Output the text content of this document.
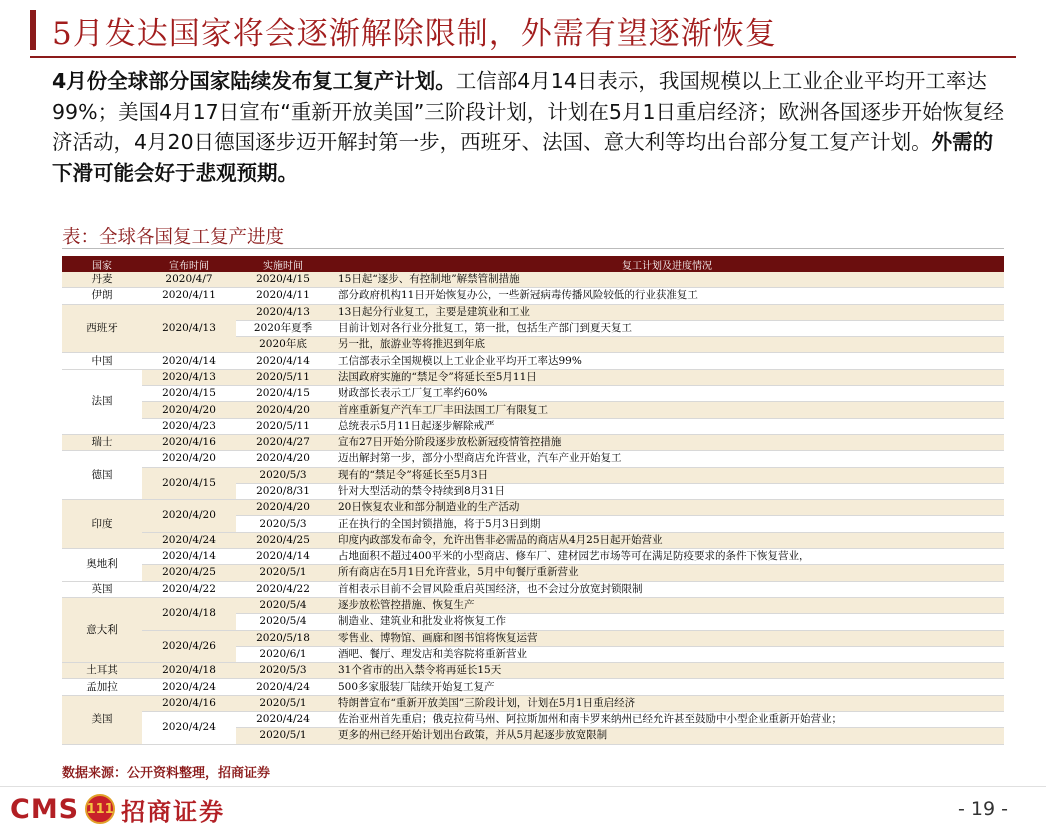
5月发达国家将会逐渐解除限制，外需有望逐渐恢复
4月份全球部分国家陆续发布复工复产计划。工信部4月14日表示，我国规模以上工业企业平均开工率达99%；美国4月17日宣布“重新开放美国”三阶段计划，计划在5月1日重启经济；欧洲各国逐步开始恢复经济活动，4月20日德国逐步迈开解封第一步，西班牙、法国、意大利等均出台部分复工复产计划。外需的下滑可能会好于悲观预期。
表：全球各国复工复产进度
国家	宣布时间	实施时间	复工计划及进度情况
丹麦	2020/4/7	2020/4/15	15日起“逐步、有控制地”解禁管制措施
伊朗	2020/4/11	2020/4/11	部分政府机构11日开始恢复办公，一些新冠病毒传播风险较低的行业获准复工
西班牙	2020/4/13	2020/4/13	13日起分行业复工，主要是建筑业和工业
		2020年夏季	目前计划对各行业分批复工，第一批，包括生产部门到夏天复工
		2020年底	另一批，旅游业等将推迟到年底
中国	2020/4/14	2020/4/14	工信部表示全国规模以上工业企业平均开工率达99%
法国	2020/4/13	2020/5/11	法国政府实施的“禁足令”将延长至5月11日
	2020/4/15	2020/4/15	财政部长表示工厂复工率约60%
	2020/4/20	2020/4/20	首座重新复产汽车工厂丰田法国工厂有限复工
	2020/4/23	2020/5/11	总统表示5月11日起逐步解除戒严
瑞士	2020/4/16	2020/4/27	宣布27日开始分阶段逐步放松新冠疫情管控措施
德国	2020/4/20	2020/4/20	迈出解封第一步，部分小型商店允许营业，汽车产业开始复工
	2020/4/15	2020/5/3	现有的“禁足令”将延长至5月3日
		2020/8/31	针对大型活动的禁令持续到8月31日
印度	2020/4/20	2020/4/20	20日恢复农业和部分制造业的生产活动
		2020/5/3	正在执行的全国封锁措施，将于5月3日到期
	2020/4/24	2020/4/25	印度内政部发布命令，允许出售非必需品的商店从4月25日起开始营业
奥地利	2020/4/14	2020/4/14	占地面积不超过400平米的小型商店、修车厂、建材园艺市场等可在满足防疫要求的条件下恢复营业，
	2020/4/25	2020/5/1	所有商店在5月1日允许营业，5月中旬餐厅重新营业
英国	2020/4/22	2020/4/22	首相表示目前不会冒风险重启英国经济，也不会过分放宽封锁限制
意大利	2020/4/18	2020/5/4	逐步放松管控措施、恢复生产
		2020/5/4	制造业、建筑业和批发业将恢复工作
	2020/4/26	2020/5/18	零售业、博物馆、画廊和图书馆将恢复运营
		2020/6/1	酒吧、餐厅、理发店和美容院将重新营业
土耳其	2020/4/18	2020/5/3	31个省市的出入禁令将再延长15天
孟加拉	2020/4/24	2020/4/24	500多家服装厂陆续开始复工复产
美国	2020/4/16	2020/5/1	特朗普宣布“重新开放美国”三阶段计划，计划在5月1日重启经济
	2020/4/24	2020/4/24	佐治亚州首先重启；俄克拉荷马州、阿拉斯加州和南卡罗来纳州已经允许甚至鼓励中小型企业重新开始营业；
		2020/5/1	更多的州已经开始计划出台政策，并从5月起逐步放宽限制
数据来源：公开资料整理，招商证券
CMS 111 招商证券	- 19 -
